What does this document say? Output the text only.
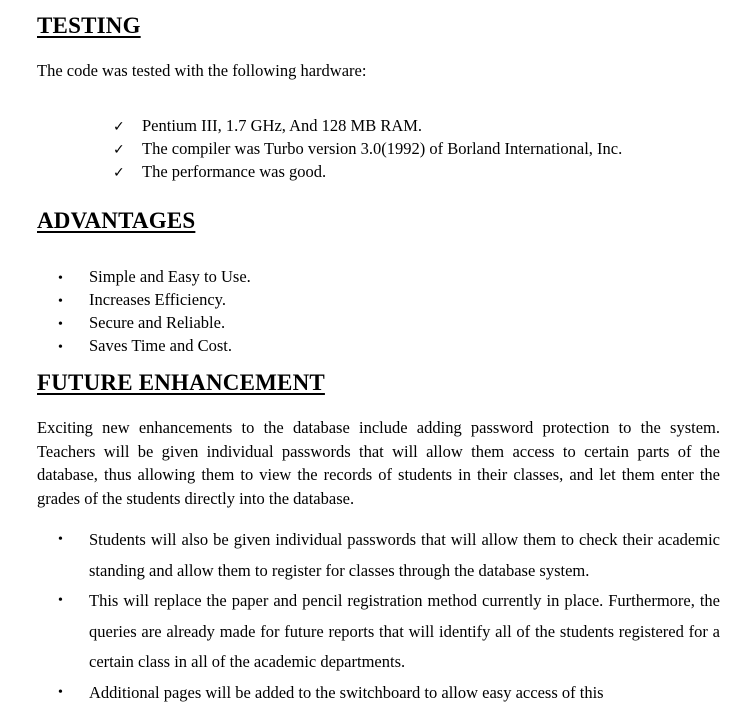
TESTING

The code was tested with the following hardware:

✓ Pentium III, 1.7 GHz, And 128 MB RAM.
✓ The compiler was Turbo version 3.0(1992) of Borland International, Inc.
✓ The performance was good.
ADVANTAGES
• Simple and Easy to Use.
• Increases Efficiency.
• Secure and Reliable.
• Saves Time and Cost.
FUTURE ENHANCEMENT

Exciting new enhancements to the database include adding password protection to the system. Teachers will be given individual passwords that will allow them access to certain parts of the database, thus allowing them to view the records of students in their classes, and let them enter the grades of the students directly into the database.

•	Students will also be given individual passwords that will allow them to check their academic standing and allow them to register for classes through the database system.
•	This will replace the paper and pencil registration method currently in place. Furthermore, the queries are already made for future reports that will identify all of the students registered for a certain class in all of the academic departments.
•	Additional pages will be added to the switchboard to allow easy access of this
